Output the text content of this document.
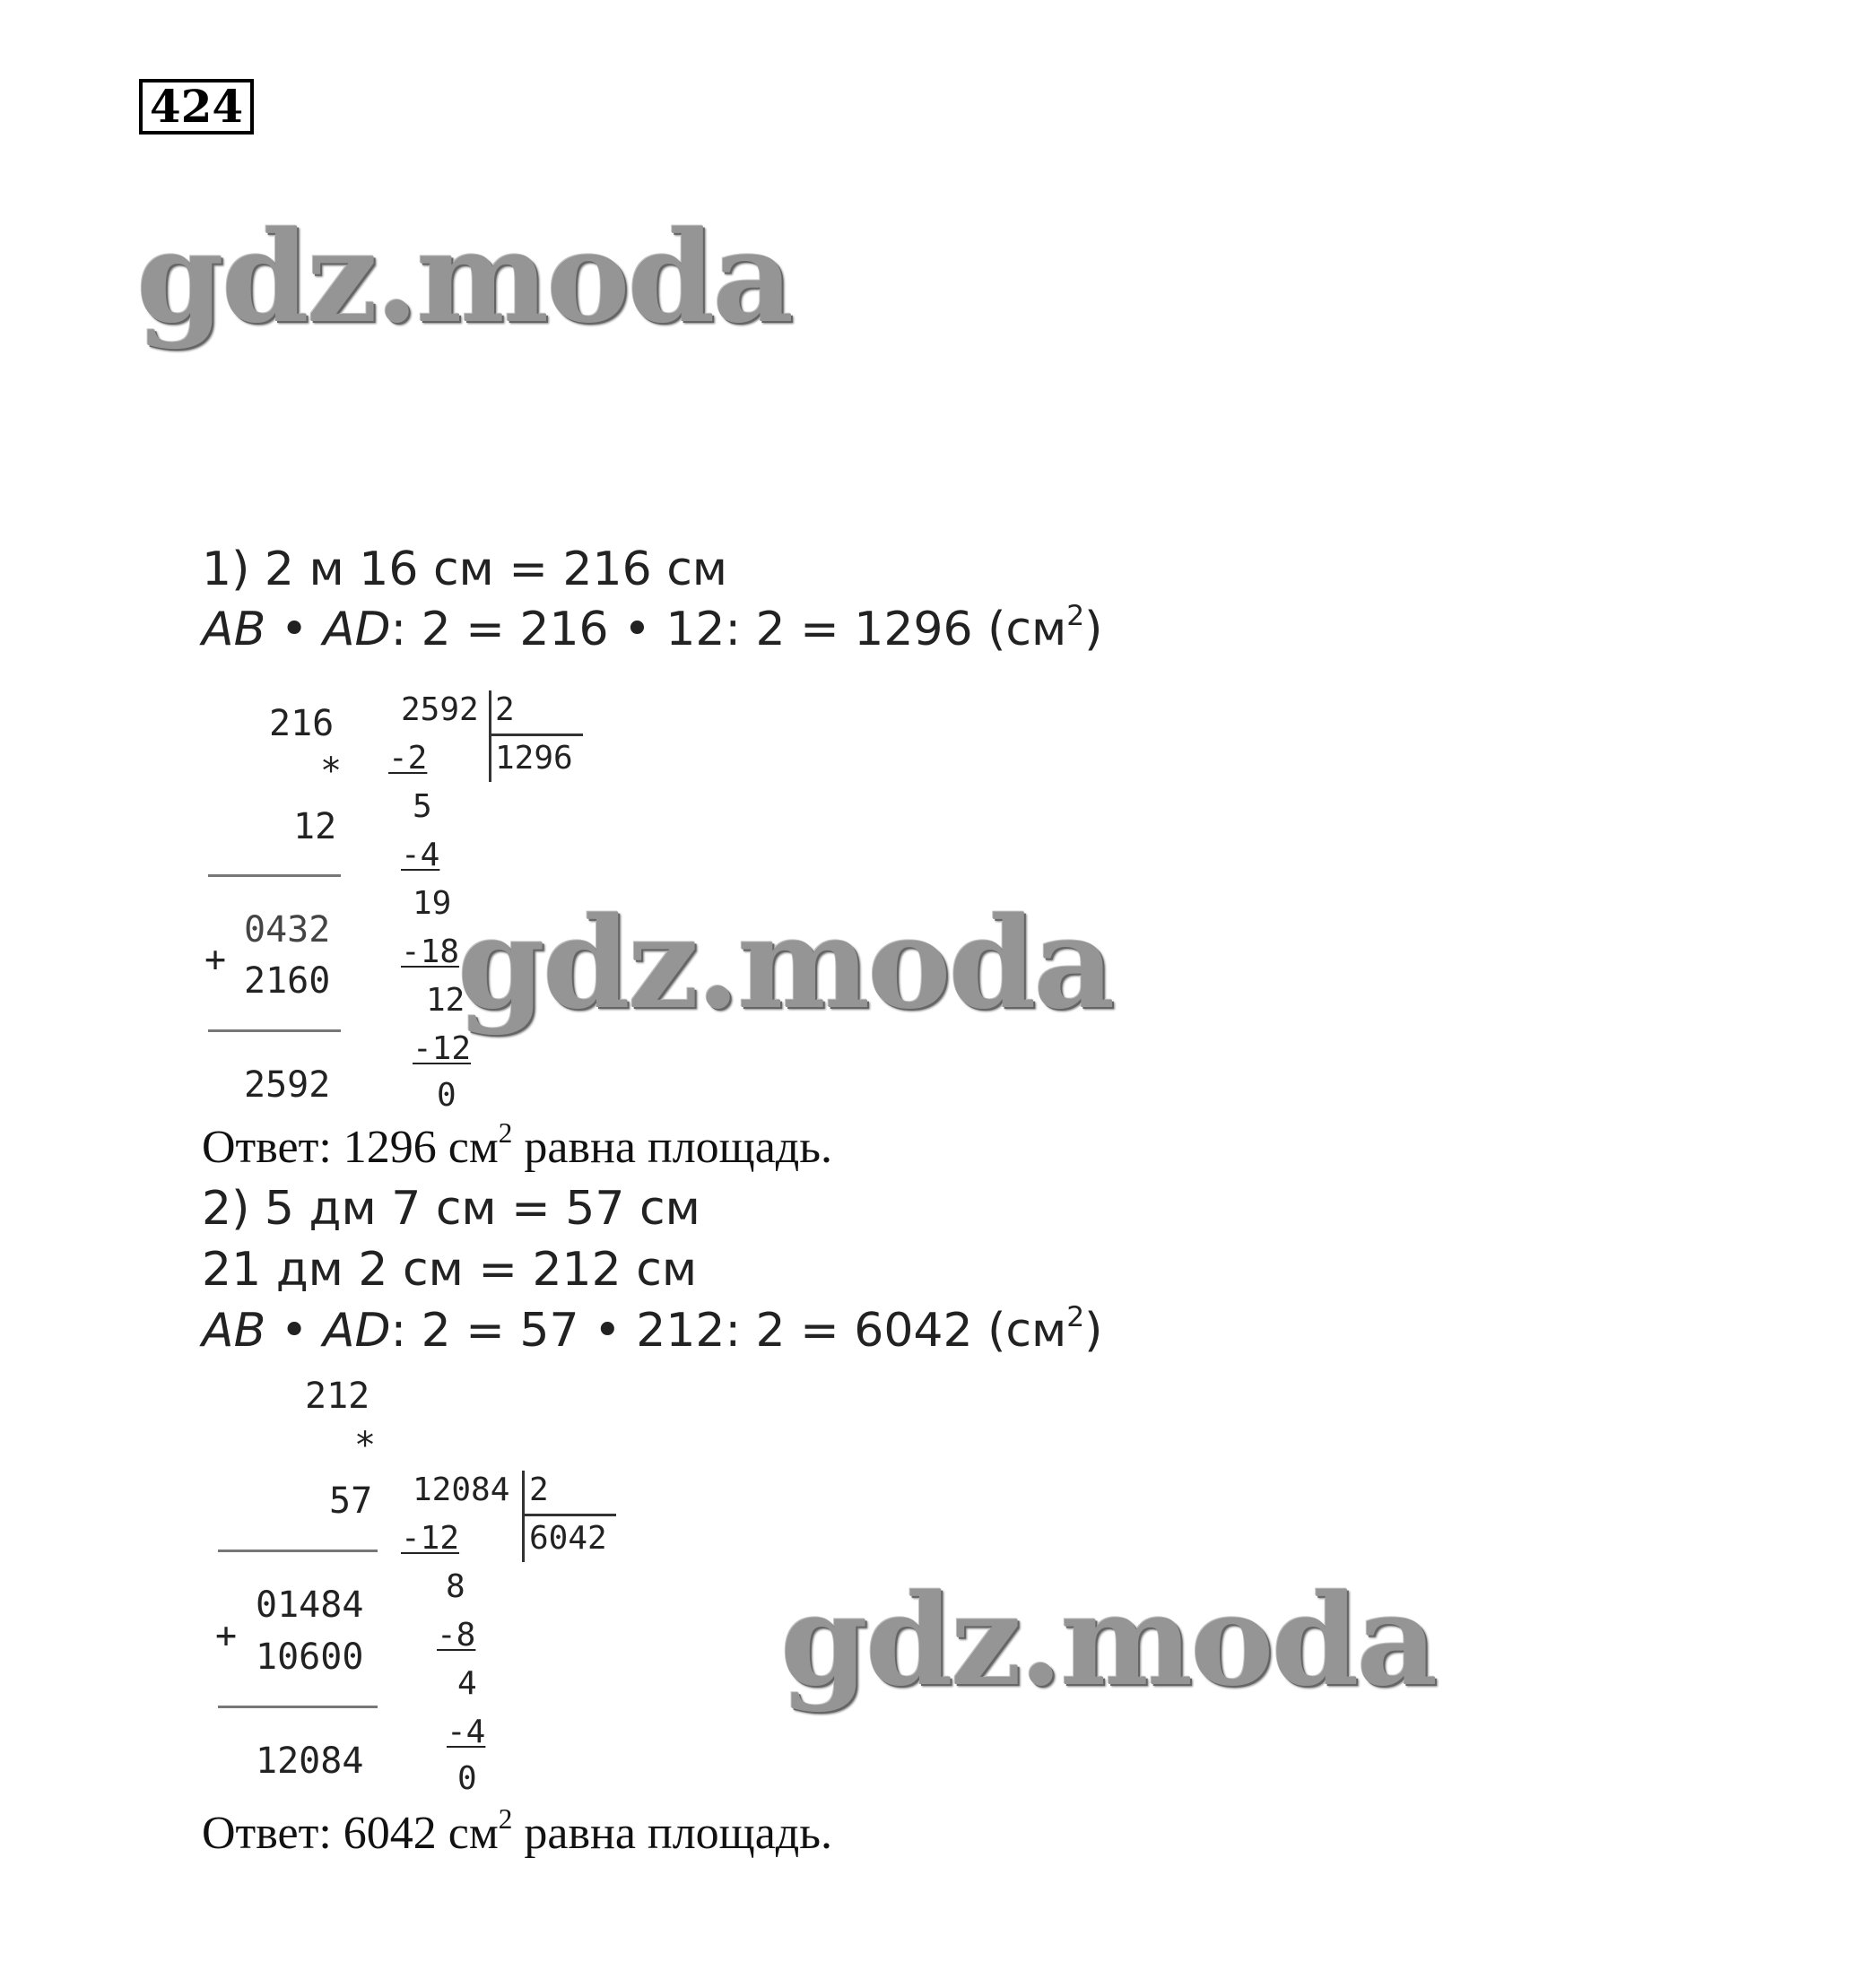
424
gdz.moda
gdz.moda
gdz.moda
1) 2 м 16 см = 216 см
AB • AD: 2 = 216 • 12: 2 = 1296 $(см^2)$
216
*
12
0432
+
2160
2592
2592 2
1296
-2
5
-4
19
-18
12
-12
0
Ответ: 1296 $см^2$ равна площадь.
2) 5 дм 7 см = 57 см
21 дм 2 см = 212 см
AB • AD: 2 = 57 • 212: 2 = 6042 $(см^2)$
212
*
57
01484
+
10600
12084
12084 2
6042
-12
8
-8
4
-4
0
Ответ: 6042 $см^2$ равна площадь.
